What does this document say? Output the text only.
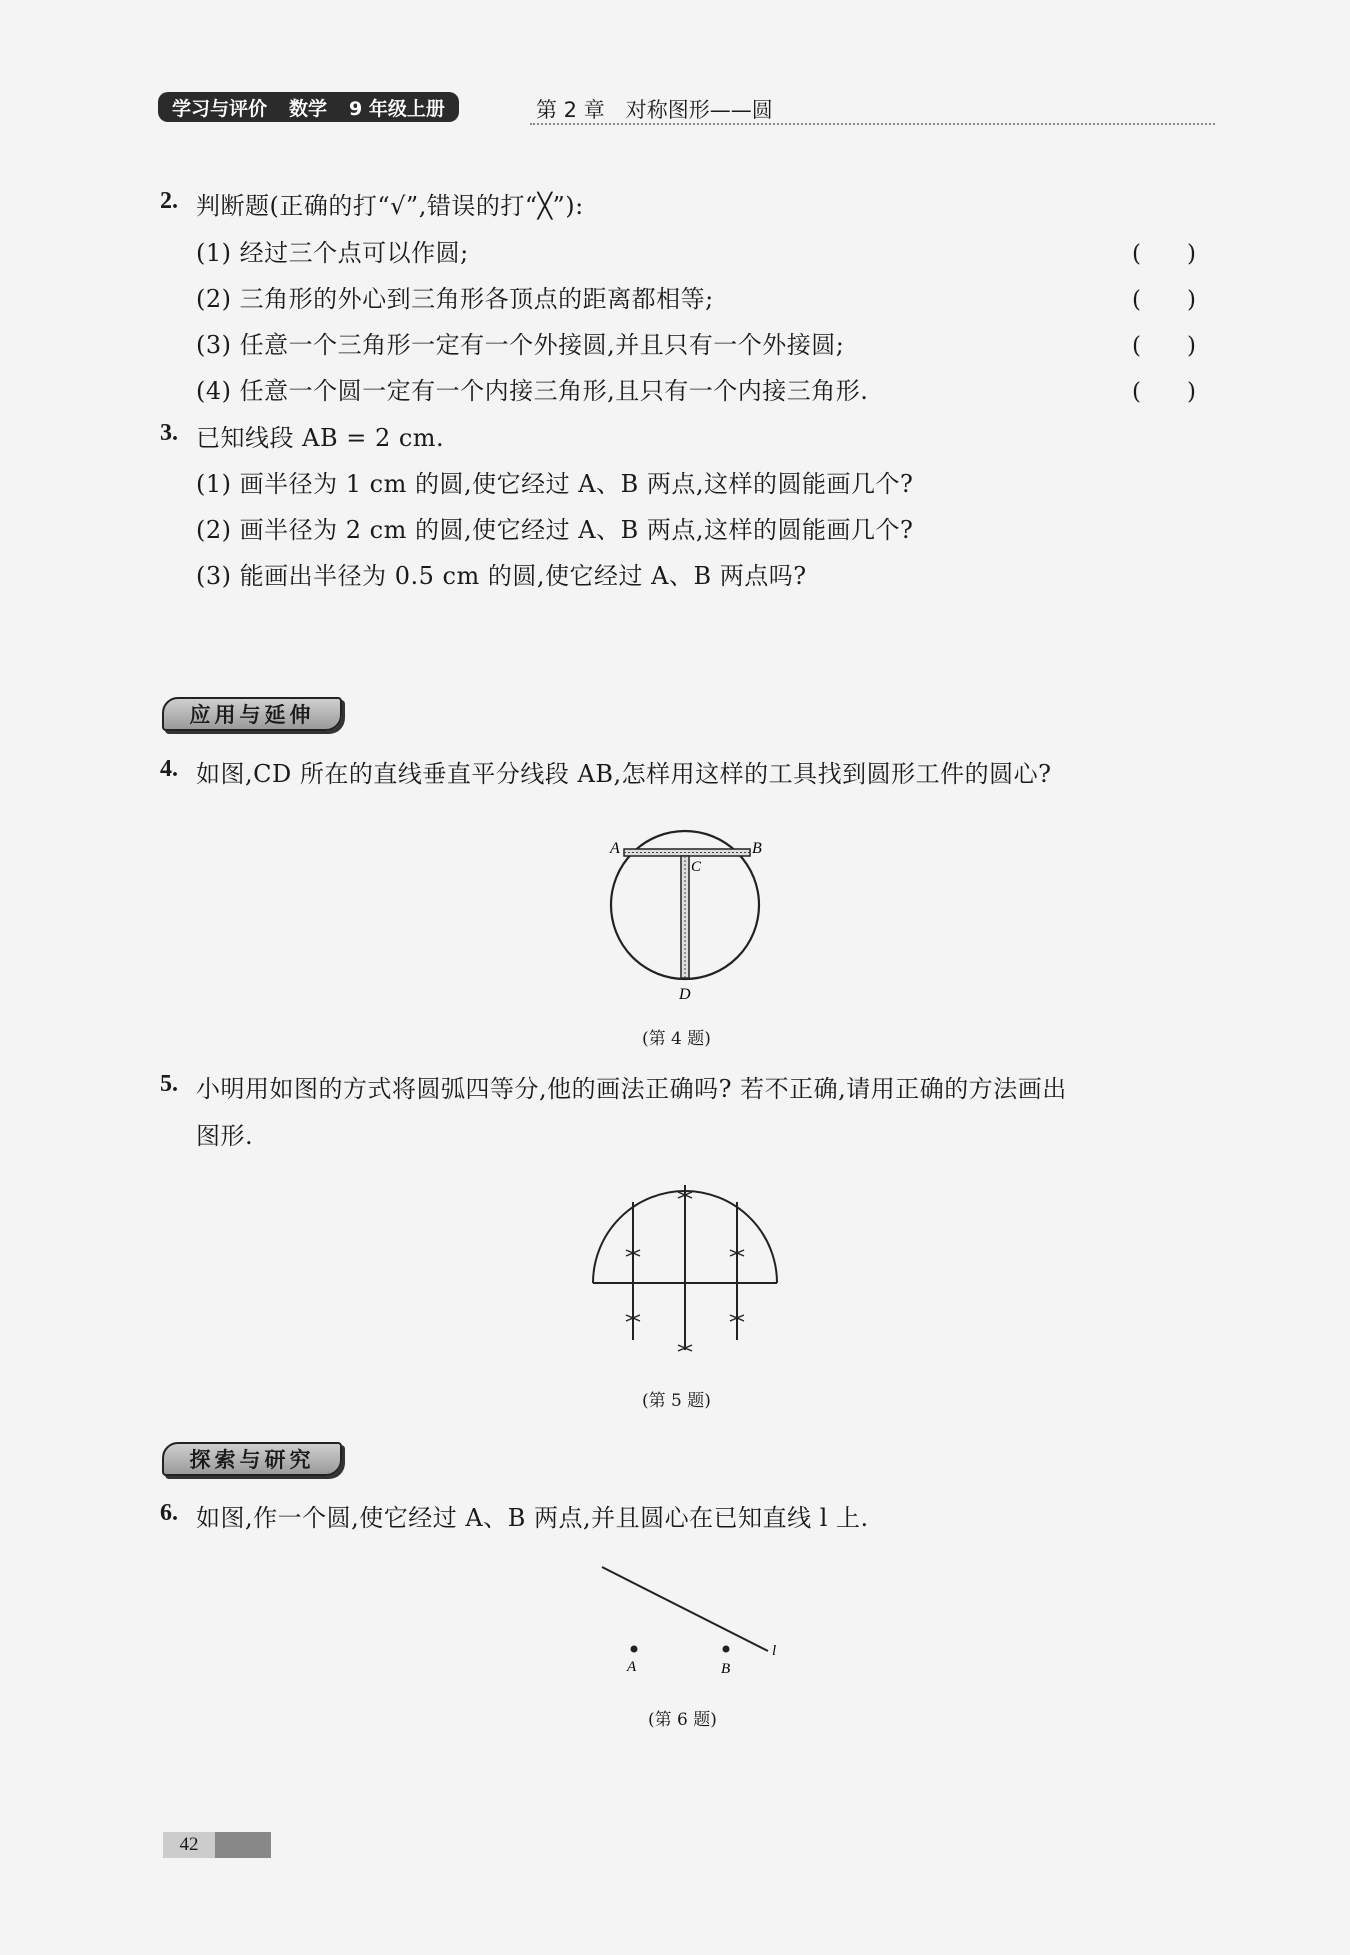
学习与评价 数学 9 年级上册	第 2 章　对称图形——圆
2. 判断题(正确的打“√”,错误的打“╳”):
(1) 经过三个点可以作圆;	(　　)
(2) 三角形的外心到三角形各顶点的距离都相等;	(　　)
(3) 任意一个三角形一定有一个外接圆,并且只有一个外接圆;	(　　)
(4) 任意一个圆一定有一个内接三角形,且只有一个内接三角形.	(　　)
3. 已知线段 AB = 2 cm.
(1) 画半径为 1 cm 的圆,使它经过 A、B 两点,这样的圆能画几个?
(2) 画半径为 2 cm 的圆,使它经过 A、B 两点,这样的圆能画几个?
(3) 能画出半径为 0.5 cm 的圆,使它经过 A、B 两点吗?
应用与延伸
4. 如图,CD 所在的直线垂直平分线段 AB,怎样用这样的工具找到圆形工件的圆心?
A	B
C
D
(第 4 题)
5. 小明用如图的方式将圆弧四等分,他的画法正确吗? 若不正确,请用正确的方法画出
图形.
(第 5 题)
探索与研究
6. 如图,作一个圆,使它经过 A、B 两点,并且圆心在已知直线 l 上.
A	B
l
(第 6 题)
42
